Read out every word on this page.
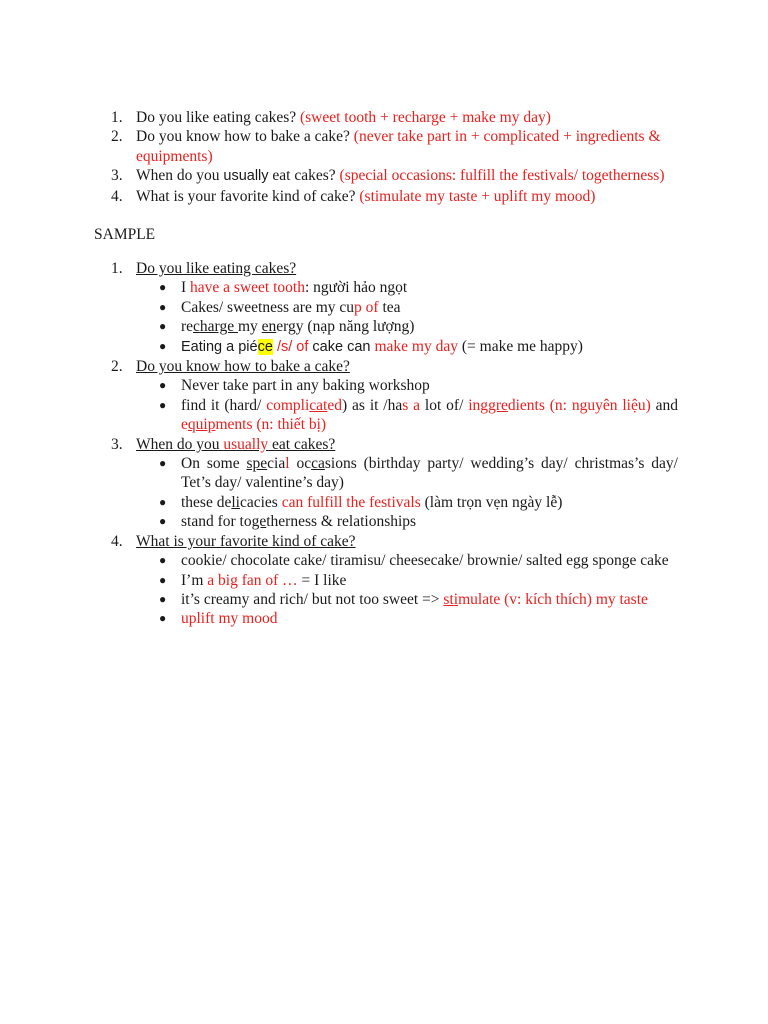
1. Do you like eating cakes? (sweet tooth + recharge + make my day)
2. Do you know how to bake a cake? (never take part in + complicated + ingredients & equipments)
3. When do you usually eat cakes? (special occasions: fulfill the festivals/ togetherness)
4. What is your favorite kind of cake? (stimulate my taste + uplift my mood)
SAMPLE
1. Do you like eating cakes?
● I have a sweet tooth: người hảo ngọt
● Cakes/ sweetness are my cup of tea
● recharge my energy (nạp năng lượng)
● Eating a piéce /s/ of cake can make my day (= make me happy)
2. Do you know how to bake a cake?
● Never take part in any baking workshop
● find it (hard/ complicated) as it /has a lot of/ inggredients (n: nguyên liệu) and equipments (n: thiết bị)
3. When do you usually eat cakes?
● On some special occasions (birthday party/ wedding’s day/ christmas’s day/ Tet’s day/ valentine’s day)
● these delicacies can fulfill the festivals (làm trọn vẹn ngày lễ)
● stand for togetherness & relationships
4. What is your favorite kind of cake?
● cookie/ chocolate cake/ tiramisu/ cheesecake/ brownie/ salted egg sponge cake
● I’m a big fan of … = I like
● it’s creamy and rich/ but not too sweet => stimulate (v: kích thích) my taste
● uplift my mood
